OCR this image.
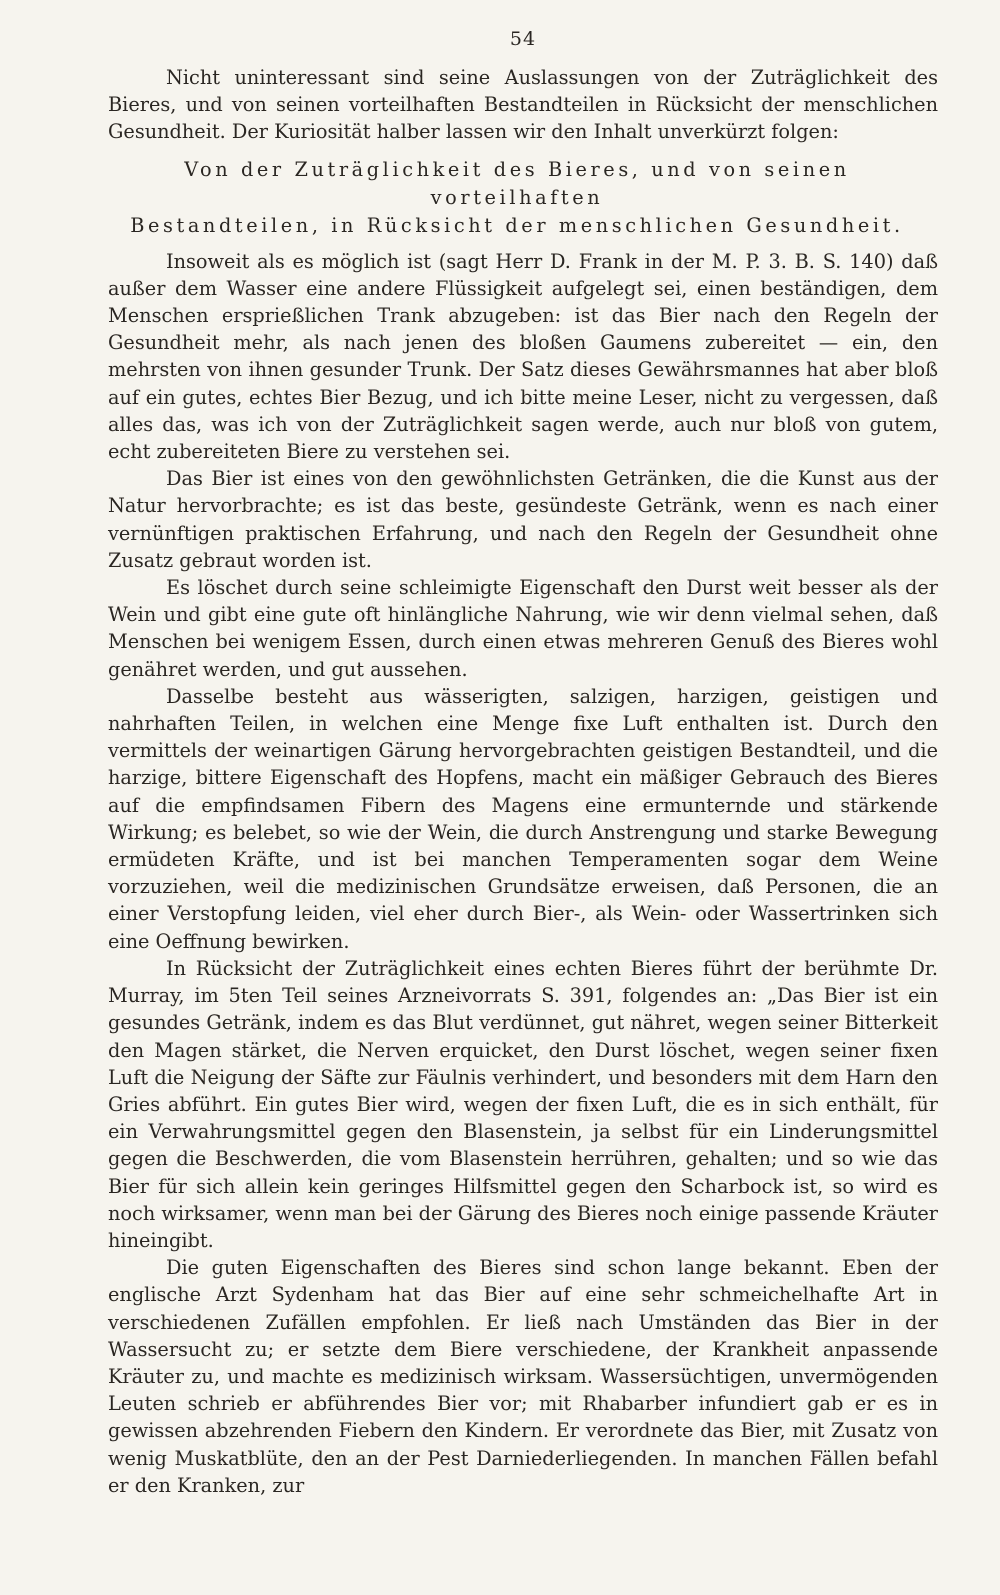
54

Nicht uninteressant sind seine Auslassungen von der Zuträglichkeit des Bieres, und von seinen vorteilhaften Bestandteilen in Rücksicht der menschlichen Gesundheit. Der Kuriosität halber lassen wir den Inhalt unverkürzt folgen:

Von der Zuträglichkeit des Bieres, und von seinen vorteilhaften
Bestandteilen, in Rücksicht der menschlichen Gesundheit.

Insoweit als es möglich ist (sagt Herr D. Frank in der M. P. 3. B. S. 140) daß außer dem Wasser eine andere Flüssigkeit aufgelegt sei, einen beständigen, dem Menschen ersprießlichen Trank abzugeben: ist das Bier nach den Regeln der Gesundheit mehr, als nach jenen des bloßen Gaumens zubereitet — ein, den mehrsten von ihnen gesunder Trunk. Der Satz dieses Gewährsmannes hat aber bloß auf ein gutes, echtes Bier Bezug, und ich bitte meine Leser, nicht zu vergessen, daß alles das, was ich von der Zuträglichkeit sagen werde, auch nur bloß von gutem, echt zubereiteten Biere zu verstehen sei.

Das Bier ist eines von den gewöhnlichsten Getränken, die die Kunst aus der Natur hervorbrachte; es ist das beste, gesündeste Getränk, wenn es nach einer vernünftigen praktischen Erfahrung, und nach den Regeln der Gesundheit ohne Zusatz gebraut worden ist.

Es löschet durch seine schleimigte Eigenschaft den Durst weit besser als der Wein und gibt eine gute oft hinlängliche Nahrung, wie wir denn vielmal sehen, daß Menschen bei wenigem Essen, durch einen etwas mehreren Genuß des Bieres wohl genähret werden, und gut aussehen.

Dasselbe besteht aus wässerigten, salzigen, harzigen, geistigen und nahrhaften Teilen, in welchen eine Menge fixe Luft enthalten ist. Durch den vermittels der weinartigen Gärung hervorgebrachten geistigen Bestandteil, und die harzige, bittere Eigenschaft des Hopfens, macht ein mäßiger Gebrauch des Bieres auf die empfindsamen Fibern des Magens eine ermunternde und stärkende Wirkung; es belebet, so wie der Wein, die durch Anstrengung und starke Bewegung ermüdeten Kräfte, und ist bei manchen Temperamenten sogar dem Weine vorzuziehen, weil die medizinischen Grundsätze erweisen, daß Personen, die an einer Verstopfung leiden, viel eher durch Bier-, als Wein- oder Wassertrinken sich eine Oeffnung bewirken.

In Rücksicht der Zuträglichkeit eines echten Bieres führt der berühmte Dr. Murray, im 5ten Teil seines Arzneivorrats S. 391, folgendes an: „Das Bier ist ein gesundes Getränk, indem es das Blut verdünnet, gut nähret, wegen seiner Bitterkeit den Magen stärket, die Nerven erquicket, den Durst löschet, wegen seiner fixen Luft die Neigung der Säfte zur Fäulnis verhindert, und besonders mit dem Harn den Gries abführt. Ein gutes Bier wird, wegen der fixen Luft, die es in sich enthält, für ein Verwahrungsmittel gegen den Blasenstein, ja selbst für ein Linderungsmittel gegen die Beschwerden, die vom Blasenstein herrühren, gehalten; und so wie das Bier für sich allein kein geringes Hilfsmittel gegen den Scharbock ist, so wird es noch wirksamer, wenn man bei der Gärung des Bieres noch einige passende Kräuter hineingibt.

Die guten Eigenschaften des Bieres sind schon lange bekannt. Eben der englische Arzt Sydenham hat das Bier auf eine sehr schmeichelhafte Art in verschiedenen Zufällen empfohlen. Er ließ nach Umständen das Bier in der Wassersucht zu; er setzte dem Biere verschiedene, der Krankheit anpassende Kräuter zu, und machte es medizinisch wirksam. Wassersüchtigen, unvermögenden Leuten schrieb er abführendes Bier vor; mit Rhabarber infundiert gab er es in gewissen abzehrenden Fiebern den Kindern. Er verordnete das Bier, mit Zusatz von wenig Muskatblüte, den an der Pest Darniederliegenden. In manchen Fällen befahl er den Kranken, zur
